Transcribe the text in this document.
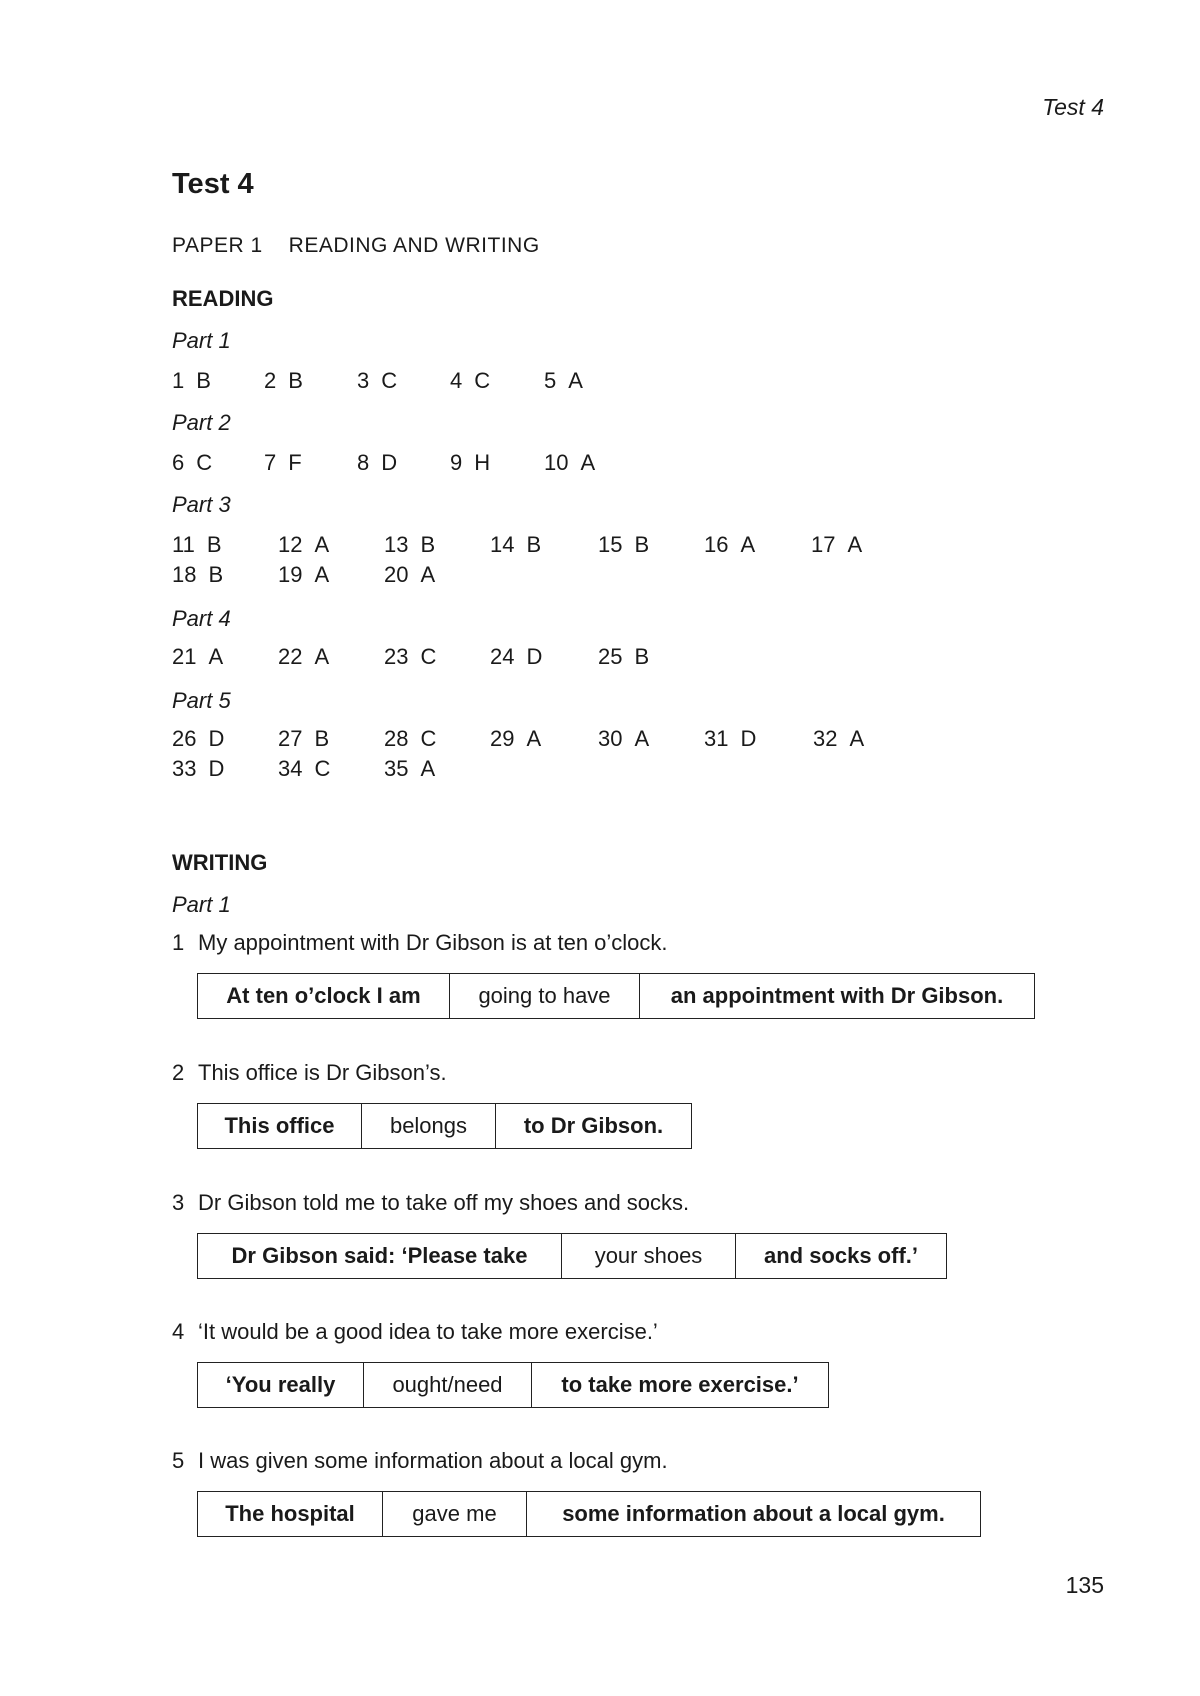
Test 4
Test 4
PAPER 1 READING AND WRITING
READING
Part 1
1 B 2 B 3 C 4 C 5 A
Part 2
6 C 7 F	8 D 9 H 10 A
Part 3
11 B	12 A 13 B 14 B	15 B 16 A	17 A
18 B 19 A 20 A
Part 4
21 A 22 A 23 C 24 D	25 B
Part 5
26 D 27 B 28 C 29 A	30 A 31 D	32 A
33 D 34 C 35 A
WRITING
Part 1
1 My appointment with Dr Gibson is at ten o’clock.
At ten o’clock I am	going to have	an appointment with Dr Gibson.
2 This office is Dr Gibson’s.
This office	belongs	to Dr Gibson.
3 Dr Gibson told me to take off my shoes and socks.
Dr Gibson said: ‘Please take	your shoes	and socks off.’
4 ‘It would be a good idea to take more exercise.’
‘You really	ought/need	to take more exercise.’
5 I was given some information about a local gym.
The hospital	gave me	some information about a local gym.
135
